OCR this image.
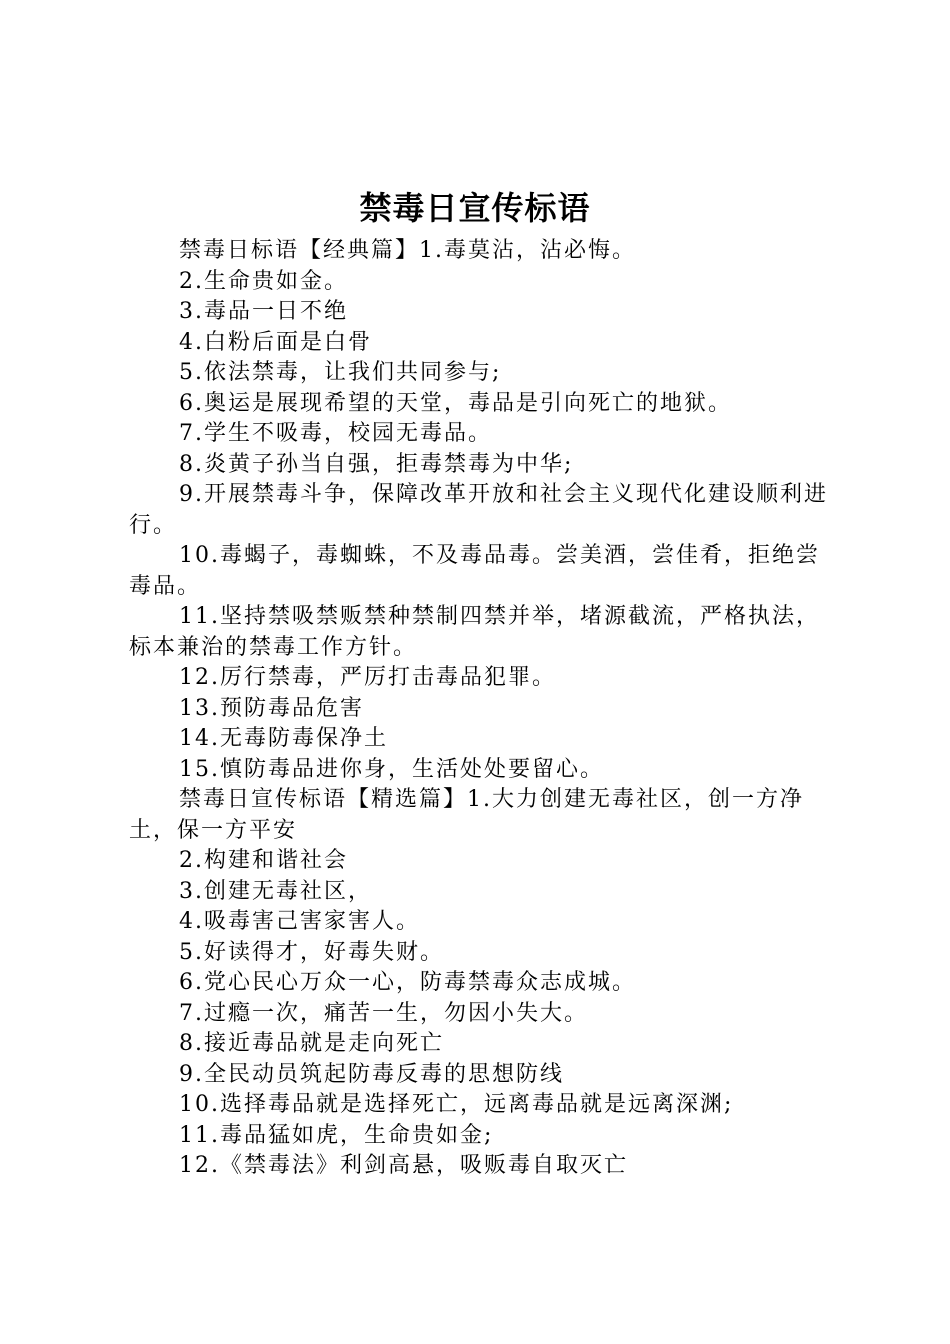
禁毒日宣传标语

禁毒日标语【经典篇】1.毒莫沾，沾必悔。

2.生命贵如金。

3.毒品一日不绝

4.白粉后面是白骨

5.依法禁毒，让我们共同参与;

6.奥运是展现希望的天堂，毒品是引向死亡的地狱。

7.学生不吸毒，校园无毒品。

8.炎黄子孙当自强，拒毒禁毒为中华;

9.开展禁毒斗争，保障改革开放和社会主义现代化建设顺利进行。

10.毒蝎子，毒蜘蛛，不及毒品毒。尝美酒，尝佳肴，拒绝尝毒品。

11.坚持禁吸禁贩禁种禁制四禁并举，堵源截流，严格执法，标本兼治的禁毒工作方针。

12.厉行禁毒，严厉打击毒品犯罪。

13.预防毒品危害

14.无毒防毒保净土

15.慎防毒品进你身，生活处处要留心。

禁毒日宣传标语【精选篇】1.大力创建无毒社区，创一方净土，保一方平安

2.构建和谐社会

3.创建无毒社区，

4.吸毒害己害家害人。

5.好读得才，好毒失财。

6.党心民心万众一心，防毒禁毒众志成城。

7.过瘾一次，痛苦一生，勿因小失大。

8.接近毒品就是走向死亡

9.全民动员筑起防毒反毒的思想防线

10.选择毒品就是选择死亡，远离毒品就是远离深渊;

11.毒品猛如虎，生命贵如金;

12.《禁毒法》利剑高悬，吸贩毒自取灭亡
